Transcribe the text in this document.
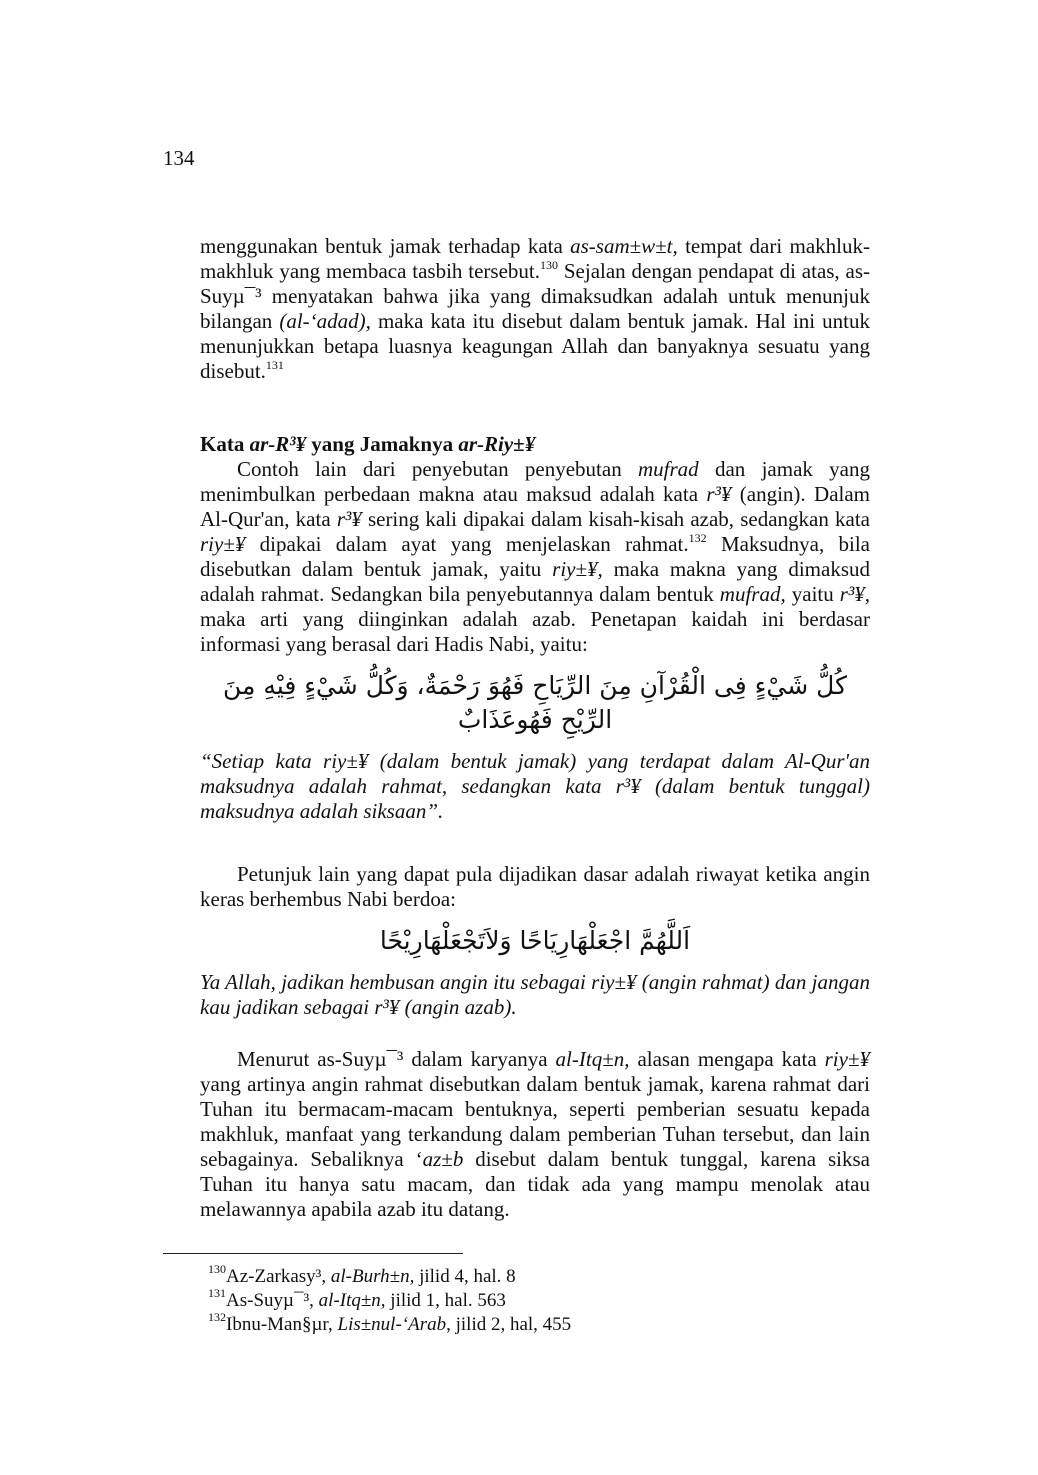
134

menggunakan bentuk jamak terhadap kata as-sam±w±t, tempat dari makhluk-makhluk yang membaca tasbih tersebut.$^{130}$ Sejalan dengan pendapat di atas, as-Suyµ¯³ menyatakan bahwa jika yang dimaksudkan adalah untuk menunjuk bilangan (al-‘adad), maka kata itu disebut dalam bentuk jamak. Hal ini untuk menunjukkan betapa luasnya keagungan Allah dan banyaknya sesuatu yang disebut.$^{131}$

Kata ar-R³¥ yang Jamaknya ar-Riy±¥

Contoh lain dari penyebutan penyebutan mufrad dan jamak yang menimbulkan perbedaan makna atau maksud adalah kata r³¥ (angin). Dalam Al-Qur'an, kata r³¥ sering kali dipakai dalam kisah-kisah azab, sedangkan kata riy±¥ dipakai dalam ayat yang menjelaskan rahmat.$^{132}$ Maksudnya, bila disebutkan dalam bentuk jamak, yaitu riy±¥, maka makna yang dimaksud adalah rahmat. Sedangkan bila penyebutannya dalam bentuk mufrad, yaitu r³¥, maka arti yang diinginkan adalah azab. Penetapan kaidah ini berdasar informasi yang berasal dari Hadis Nabi, yaitu:

كُلُّ شَيْءٍ فِى الْقُرْآنِ مِنَ الرِّيَاحِ فَهُوَ رَحْمَةٌ، وَكُلُّ شَيْءٍ فِيْهِ مِنَ الرِّيْحِ فَهُوعَذَابٌ

“Setiap kata riy±¥ (dalam bentuk jamak) yang terdapat dalam Al-Qur'an maksudnya adalah rahmat, sedangkan kata r³¥ (dalam bentuk tunggal) maksudnya adalah siksaan”.

Petunjuk lain yang dapat pula dijadikan dasar adalah riwayat ketika angin keras berhembus Nabi berdoa:

اَللَّهُمَّ اجْعَلْهَارِيَاحًا وَلاَتَجْعَلْهَارِيْحًا

Ya Allah, jadikan hembusan angin itu sebagai riy±¥ (angin rahmat) dan jangan kau jadikan sebagai r³¥ (angin azab).

Menurut as-Suyµ¯³ dalam karyanya al-Itq±n, alasan mengapa kata riy±¥ yang artinya angin rahmat disebutkan dalam bentuk jamak, karena rahmat dari Tuhan itu bermacam-macam bentuknya, seperti pemberian sesuatu kepada makhluk, manfaat yang terkandung dalam pemberian Tuhan tersebut, dan lain sebagainya. Sebaliknya ‘az±b disebut dalam bentuk tunggal, karena siksa Tuhan itu hanya satu macam, dan tidak ada yang mampu menolak atau melawannya apabila azab itu datang.

$^{130}$Az-Zarkasy³, al-Burh±n, jilid 4, hal. 8
$^{131}$As-Suyµ¯³, al-Itq±n, jilid 1, hal. 563
$^{132}$Ibnu-Man§µr, Lis±nul-‘Arab, jilid 2, hal, 455
